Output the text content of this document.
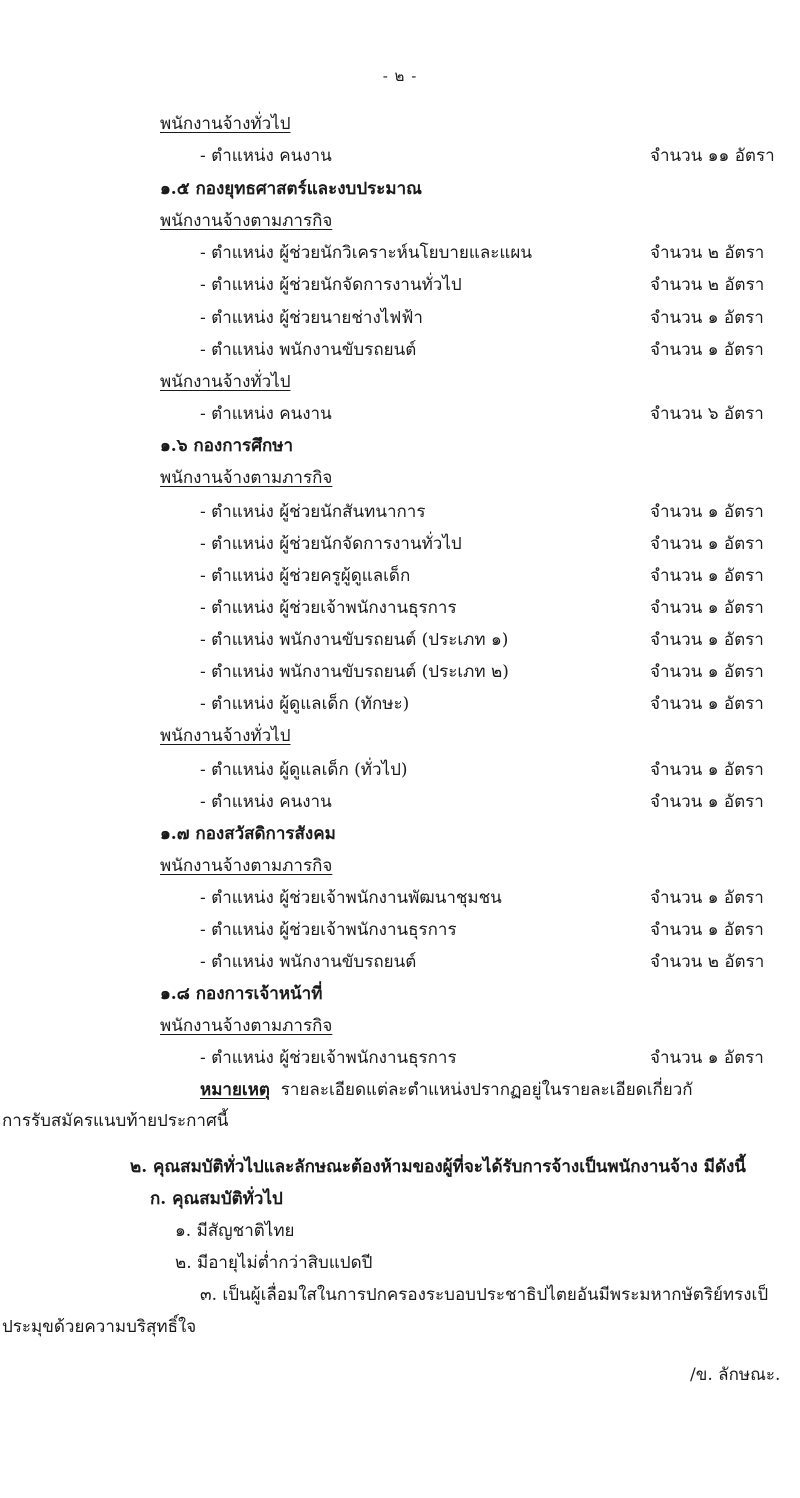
- ๒ -
พนักงานจ้างทั่วไป
- ตำแหน่ง คนงาน	จำนวน ๑๑ อัตรา
๑.๕ กองยุทธศาสตร์และงบประมาณ
พนักงานจ้างตามภารกิจ
- ตำแหน่ง ผู้ช่วยนักวิเคราะห์นโยบายและแผน	จำนวน ๒ อัตรา
- ตำแหน่ง ผู้ช่วยนักจัดการงานทั่วไป	จำนวน ๒ อัตรา
- ตำแหน่ง ผู้ช่วยนายช่างไฟฟ้า	จำนวน ๑ อัตรา
- ตำแหน่ง พนักงานขับรถยนต์	จำนวน ๑ อัตรา
พนักงานจ้างทั่วไป
- ตำแหน่ง คนงาน	จำนวน ๖ อัตรา
๑.๖ กองการศึกษา
พนักงานจ้างตามภารกิจ
- ตำแหน่ง ผู้ช่วยนักสันทนาการ	จำนวน ๑ อัตรา
- ตำแหน่ง ผู้ช่วยนักจัดการงานทั่วไป	จำนวน ๑ อัตรา
- ตำแหน่ง ผู้ช่วยครูผู้ดูแลเด็ก	จำนวน ๑ อัตรา
- ตำแหน่ง ผู้ช่วยเจ้าพนักงานธุรการ	จำนวน ๑ อัตรา
- ตำแหน่ง พนักงานขับรถยนต์ (ประเภท ๑)	จำนวน ๑ อัตรา
- ตำแหน่ง พนักงานขับรถยนต์ (ประเภท ๒)	จำนวน ๑ อัตรา
- ตำแหน่ง ผู้ดูแลเด็ก (ทักษะ)	จำนวน ๑ อัตรา
พนักงานจ้างทั่วไป
- ตำแหน่ง ผู้ดูแลเด็ก (ทั่วไป)	จำนวน ๑ อัตรา
- ตำแหน่ง คนงาน	จำนวน ๑ อัตรา
๑.๗ กองสวัสดิการสังคม
พนักงานจ้างตามภารกิจ
- ตำแหน่ง ผู้ช่วยเจ้าพนักงานพัฒนาชุมชน	จำนวน ๑ อัตรา
- ตำแหน่ง ผู้ช่วยเจ้าพนักงานธุรการ	จำนวน ๑ อัตรา
- ตำแหน่ง พนักงานขับรถยนต์	จำนวน ๒ อัตรา
๑.๘ กองการเจ้าหน้าที่
พนักงานจ้างตามภารกิจ
- ตำแหน่ง ผู้ช่วยเจ้าพนักงานธุรการ	จำนวน ๑ อัตรา
หมายเหตุ รายละเอียดแต่ละตำแหน่งปรากฏอยู่ในรายละเอียดเกี่ยวกั
การรับสมัครแนบท้ายประกาศนี้
๒. คุณสมบัติทั่วไปและลักษณะต้องห้ามของผู้ที่จะได้รับการจ้างเป็นพนักงานจ้าง มีดังนี้
ก. คุณสมบัติทั่วไป
๑. มีสัญชาติไทย
๒. มีอายุไม่ต่ำกว่าสิบแปดปี
๓. เป็นผู้เลื่อมใสในการปกครองระบอบประชาธิปไตยอันมีพระมหากษัตริย์ทรงเป็
ประมุขด้วยความบริสุทธิ์ใจ
/ข. ลักษณะ.
